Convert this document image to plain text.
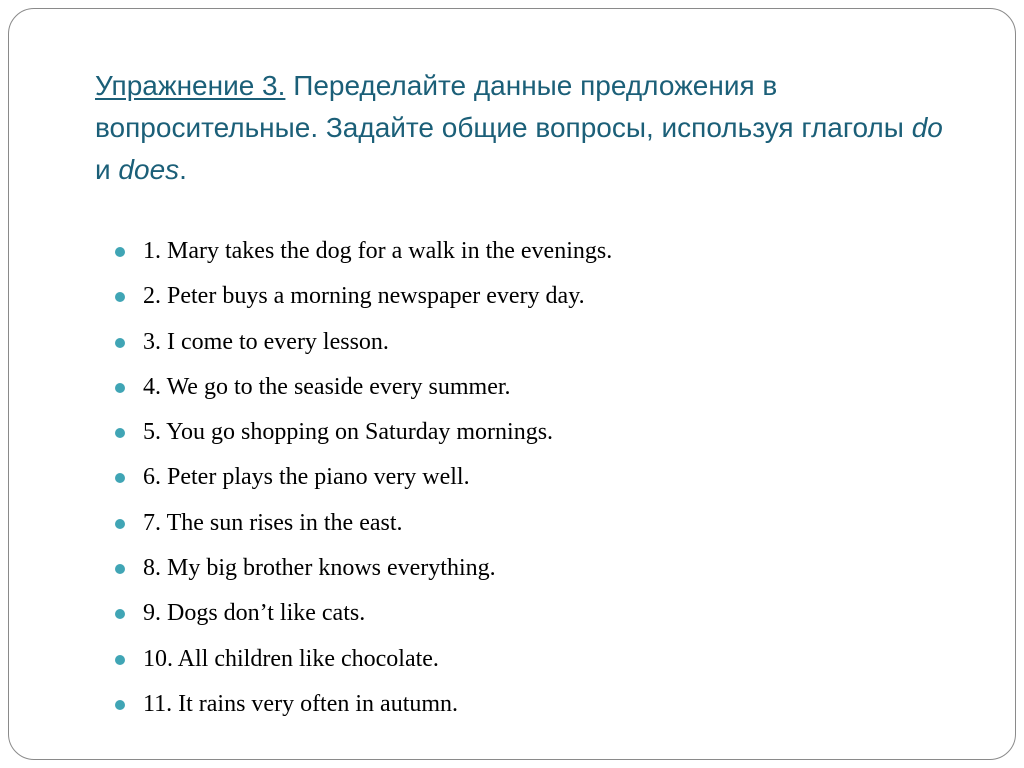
Упражнение 3. Переделайте данные предложения в вопросительные. Задайте общие вопросы, используя глаголы do и does.
1. Mary takes the dog for a walk in the evenings.
2. Peter buys a morning newspaper every day.
3. I come to every lesson.
4. We go to the seaside every summer.
5. You go shopping on Saturday mornings.
6. Peter plays the piano very well.
7. The sun rises in the east.
8. My big brother knows everything.
9. Dogs don’t like cats.
10. All children like chocolate.
11. It rains very often in autumn.
